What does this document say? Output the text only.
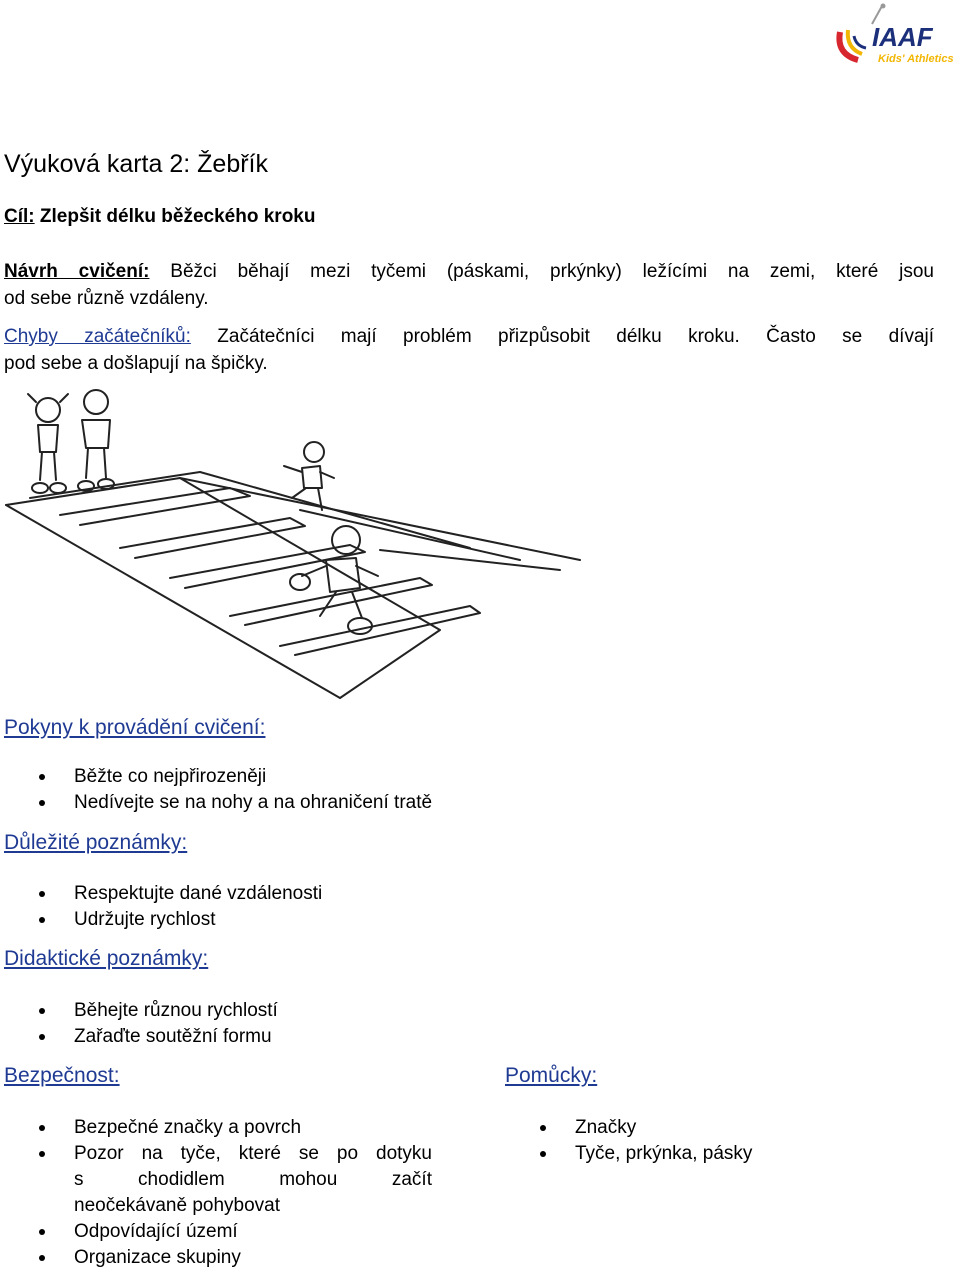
IAAF
Kids' Athletics
Výuková karta 2: Žebřík
Cíl: Zlepšit délku běžeckého kroku
Návrh cvičení: Běžci běhají mezi tyčemi (páskami, prkýnky) ležícími na zemi, které jsou
od sebe různě vzdáleny.
Chyby začátečníků: Začátečníci mají problém přizpůsobit délku kroku. Často se dívají
pod sebe a došlapují na špičky.
Pokyny k provádění cvičení:
Běžte co nejpřirozeněji
Nedívejte se na nohy a na ohraničení tratě
Důležité poznámky:
Respektujte dané vzdálenosti
Udržujte rychlost
Didaktické poznámky:
Běhejte různou rychlostí
Zařaďte soutěžní formu
Bezpečnost:
Bezpečné značky a povrch
Pozor na tyče, které se po dotyku
s chodidlem mohou začít
neočekávaně pohybovat
Odpovídající území
Organizace skupiny
Pomůcky:
Značky
Tyče, prkýnka, pásky
